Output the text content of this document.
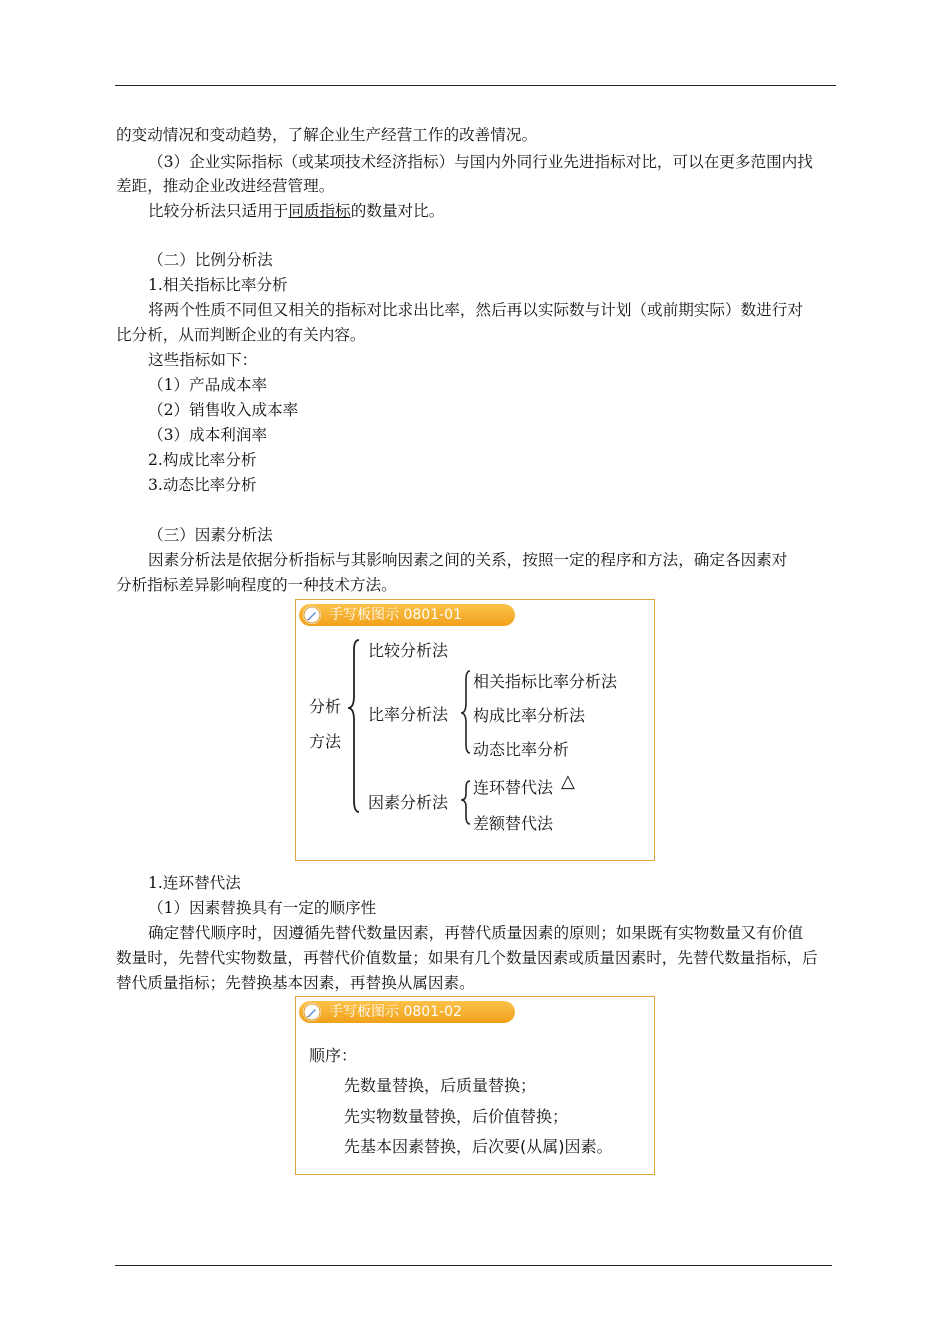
的变动情况和变动趋势，了解企业生产经营工作的改善情况。
（3）企业实际指标（或某项技术经济指标）与国内外同行业先进指标对比，可以在更多范围内找
差距，推动企业改进经营管理。
比较分析法只适用于同质指标的数量对比。
（二）比例分析法
1.相关指标比率分析
将两个性质不同但又相关的指标对比求出比率，然后再以实际数与计划（或前期实际）数进行对
比分析，从而判断企业的有关内容。
这些指标如下：
（1）产品成本率
（2）销售收入成本率
（3）成本利润率
2.构成比率分析
3.动态比率分析
（三）因素分析法
因素分析法是依据分析指标与其影响因素之间的关系，按照一定的程序和方法，确定各因素对
分析指标差异影响程度的一种技术方法。
手写板图示 0801-01
分析
方法
比较分析法
比率分析法
因素分析法
相关指标比率分析法
构成比率分析法
动态比率分析
连环替代法 △
差额替代法
1.连环替代法
（1）因素替换具有一定的顺序性
确定替代顺序时，因遵循先替代数量因素，再替代质量因素的原则；如果既有实物数量又有价值
数量时，先替代实物数量，再替代价值数量；如果有几个数量因素或质量因素时，先替代数量指标，后
替代质量指标；先替换基本因素，再替换从属因素。
手写板图示 0801-02
顺序：
先数量替换，后质量替换；
先实物数量替换，后价值替换；
先基本因素替换，后次要(从属)因素。
